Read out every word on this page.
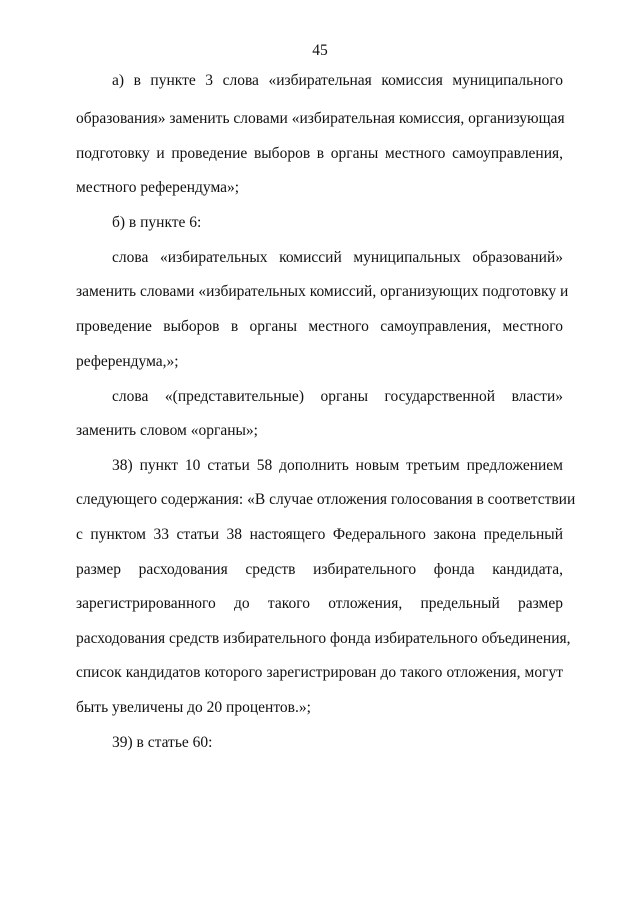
45
а) в пункте 3 слова «избирательная комиссия муниципального
образования» заменить словами «избирательная комиссия, организующая
подготовку и проведение выборов в органы местного самоуправления,
местного референдума»;
б) в пункте 6:
слова «избирательных комиссий муниципальных образований»
заменить словами «избирательных комиссий, организующих подготовку и
проведение выборов в органы местного самоуправления, местного
референдума,»;
слова «(представительные) органы государственной власти»
заменить словом «органы»;
38) пункт 10 статьи 58 дополнить новым третьим предложением
следующего содержания: «В случае отложения голосования в соответствии
с пунктом 33 статьи 38 настоящего Федерального закона предельный
размер расходования средств избирательного фонда кандидата,
зарегистрированного до такого отложения, предельный размер
расходования средств избирательного фонда избирательного объединения,
список кандидатов которого зарегистрирован до такого отложения, могут
быть увеличены до 20 процентов.»;
39) в статье 60:
